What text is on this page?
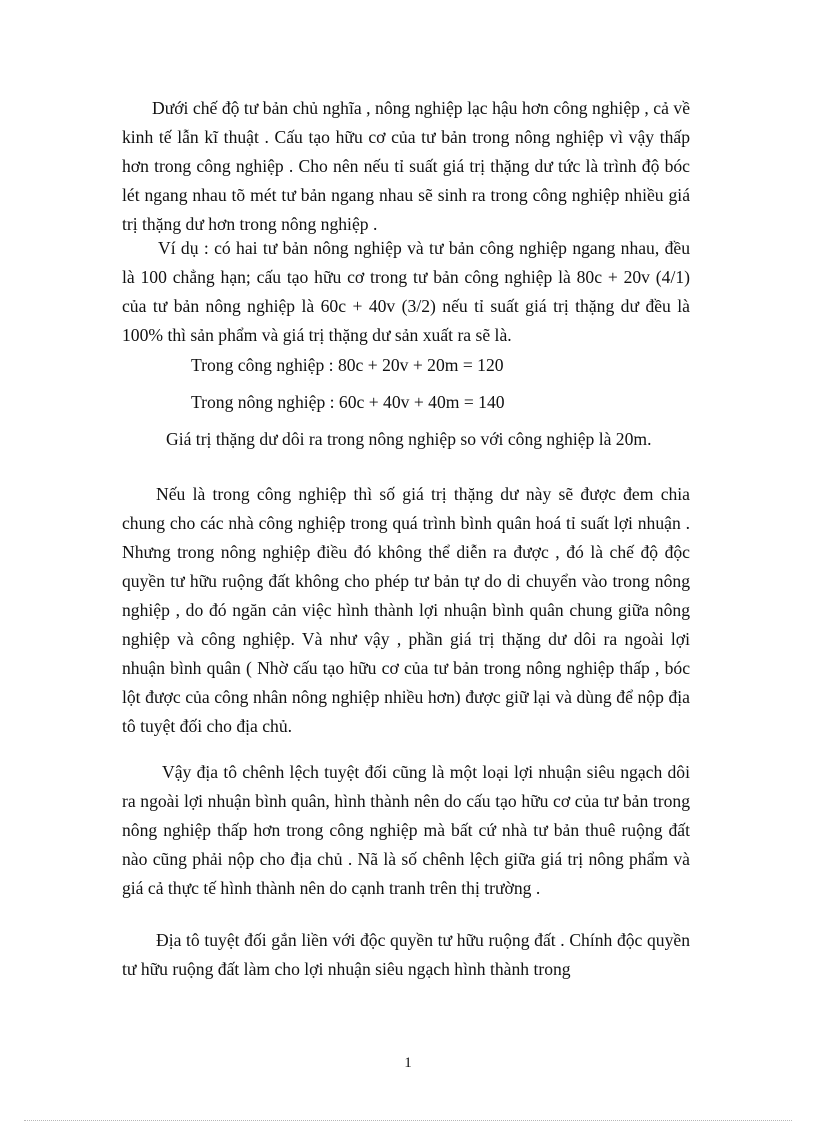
Dưới chế độ tư bản chủ nghĩa , nông nghiệp lạc hậu hơn công nghiệp , cả về kinh tế lẫn kĩ thuật . Cấu tạo hữu cơ của tư bản trong nông nghiệp vì vậy thấp hơn trong công nghiệp . Cho nên nếu tỉ suất giá trị thặng dư tức là trình độ bóc lét ngang nhau tõ mét tư bản ngang nhau sẽ sinh ra trong công nghiệp nhiều giá trị thặng dư hơn trong nông nghiệp .

Ví dụ : có hai tư bản nông nghiệp và tư bản công nghiệp ngang nhau, đều là 100 chẳng hạn; cấu tạo hữu cơ trong tư bản công nghiệp là 80c + 20v (4/1) của tư bản nông nghiệp là 60c + 40v (3/2) nếu tỉ suất giá trị thặng dư đều là 100% thì sản phẩm và giá trị thặng dư sản xuất ra sẽ là.

Trong công nghiệp : 80c + 20v + 20m = 120

Trong nông nghiệp : 60c + 40v + 40m = 140

Giá trị thặng dư dôi ra trong nông nghiệp so với công nghiệp là 20m.

Nếu là trong công nghiệp thì số giá trị thặng dư này sẽ được đem chia chung cho các nhà công nghiệp trong quá trình bình quân hoá tỉ suất lợi nhuận . Nhưng trong nông nghiệp điều đó không thể diễn ra được , đó là chế độ độc quyền tư hữu ruộng đất không cho phép tư bản tự do di chuyển vào trong nông nghiệp , do đó ngăn cản việc hình thành lợi nhuận bình quân chung giữa nông nghiệp và công nghiệp. Và như vậy , phần giá trị thặng dư dôi ra ngoài lợi nhuận bình quân ( Nhờ cấu tạo hữu cơ của tư bản trong nông nghiệp thấp , bóc lột được của công nhân nông nghiệp nhiều hơn) được giữ lại và dùng để nộp địa tô tuyệt đối cho địa chủ.

Vậy địa tô chênh lệch tuyệt đối cũng là một loại lợi nhuận siêu ngạch dôi ra ngoài lợi nhuận bình quân, hình thành nên do cấu tạo hữu cơ của tư bản trong nông nghiệp thấp hơn trong công nghiệp mà bất cứ nhà tư bản thuê ruộng đất nào cũng phải nộp cho địa chủ . Nã là số chênh lệch giữa giá trị nông phẩm và giá cả thực tế hình thành nên do cạnh tranh trên thị trường .

Địa tô tuyệt đối gắn liền với độc quyền tư hữu ruộng đất . Chính độc quyền tư hữu ruộng đất làm cho lợi nhuận siêu ngạch hình thành trong

1
